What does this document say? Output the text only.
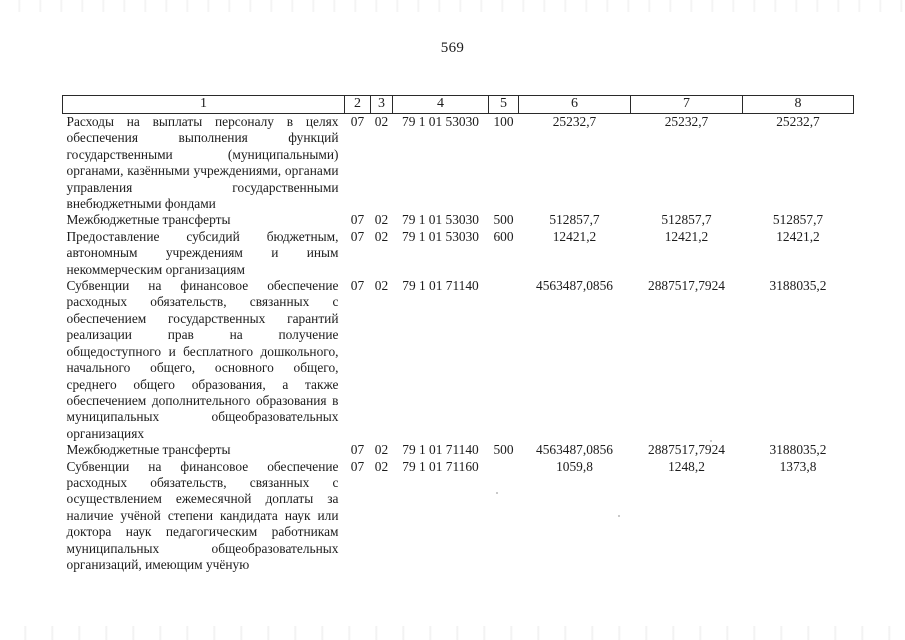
569
1	2	3	4	5	6	7	8
Расходы на выплаты персоналу в целях обеспечения выполнения функций государственными (муниципальными) органами, казёнными учреждениями, органами управления государственными внебюджетными фондами	07	02	79 1 01 53030	100	25232,7	25232,7	25232,7
Межбюджетные трансферты	07	02	79 1 01 53030	500	512857,7	512857,7	512857,7
Предоставление субсидий бюджетным, автономным учреждениям и иным некоммерческим организациям	07	02	79 1 01 53030	600	12421,2	12421,2	12421,2
Субвенции на финансовое обеспечение расходных обязательств, связанных с обеспечением государственных гарантий реализации прав на получение общедоступного и бесплатного дошкольного, начального общего, основного общего, среднего общего образования, а также обеспечением дополнительного образования в муниципальных общеобразовательных организациях	07	02	79 1 01 71140		4563487,0856	2887517,7924	3188035,2
Межбюджетные трансферты	07	02	79 1 01 71140	500	4563487,0856	2887517,7924	3188035,2
Субвенции на финансовое обеспечение расходных обязательств, связанных с осуществлением ежемесячной доплаты за наличие учёной степени кандидата наук или доктора наук педагогическим работникам муниципальных общеобразовательных организаций, имеющим учёную	07	02	79 1 01 71160		1059,8	1248,2	1373,8
